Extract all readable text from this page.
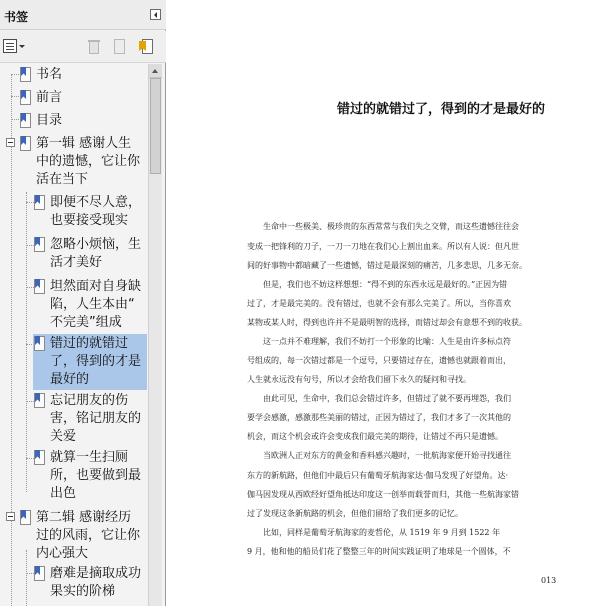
书签
书名
前言
目录
第一辑 感谢人生
中的遗憾，它让你
活在当下
即便不尽人意，
也要接受现实
忽略小烦恼，生
活才美好
坦然面对自身缺
陷，人生本由“
不完美”组成
错过的就错过
了，得到的才是
最好的
忘记朋友的伤
害，铭记朋友的
关爱
就算一生扫厕
所，也要做到最
出色
第二辑 感谢经历
过的风雨，它让你
内心强大
磨难是摘取成功
果实的阶梯
错过的就错过了，得到的才是最好的
生命中一些极美、极珍贵的东西常常与我们失之交臂，而这些遗憾往往会
变成一把锋利的刀子，一刀一刀地在我们心上割出血来。所以有人说：但凡世
间的好事物中都暗藏了一些遗憾，错过是最深刻的痛苦，几多悲思，几多无奈。
但是，我们也不妨这样想想：“得不到的东西永远是最好的。”正因为错
过了，才是最完美的。没有错过，也就不会有那么完美了。所以，当你喜欢
某物或某人时，得到也许并不是最明智的选择，而错过却会有意想不到的收获。
这一点并不难理解，我们不妨打一个形象的比喻：人生是由许多标点符
号组成的，每一次错过都是一个逗号，只要错过存在，遗憾也就跟着而出，
人生就永远没有句号，所以才会给我们留下永久的疑问和寻找。
由此可见，生命中，我们总会错过许多，但错过了就不要再埋怨，我们
要学会感激，感激那些美丽的错过，正因为错过了，我们才多了一次其他的
机会，而这个机会或许会变成我们最完美的期待，让错过不再只是遗憾。
当欧洲人正对东方的黄金和香料感兴趣时，一批航海家便开始寻找通往
东方的新航路，但他们中最后只有葡萄牙航海家达·伽马发现了好望角。达·
伽马因发现从西欧经好望角抵达印度这一创举而载誉而归，其他一些航海家错
过了发现这条新航路的机会，但他们留给了我们更多的记忆。
比如，同样是葡萄牙航海家的麦哲伦，从 1519 年 9 月到 1522 年
9 月，他和他的船员们花了整整三年的时间实践证明了地球是一个圆体，不
013
